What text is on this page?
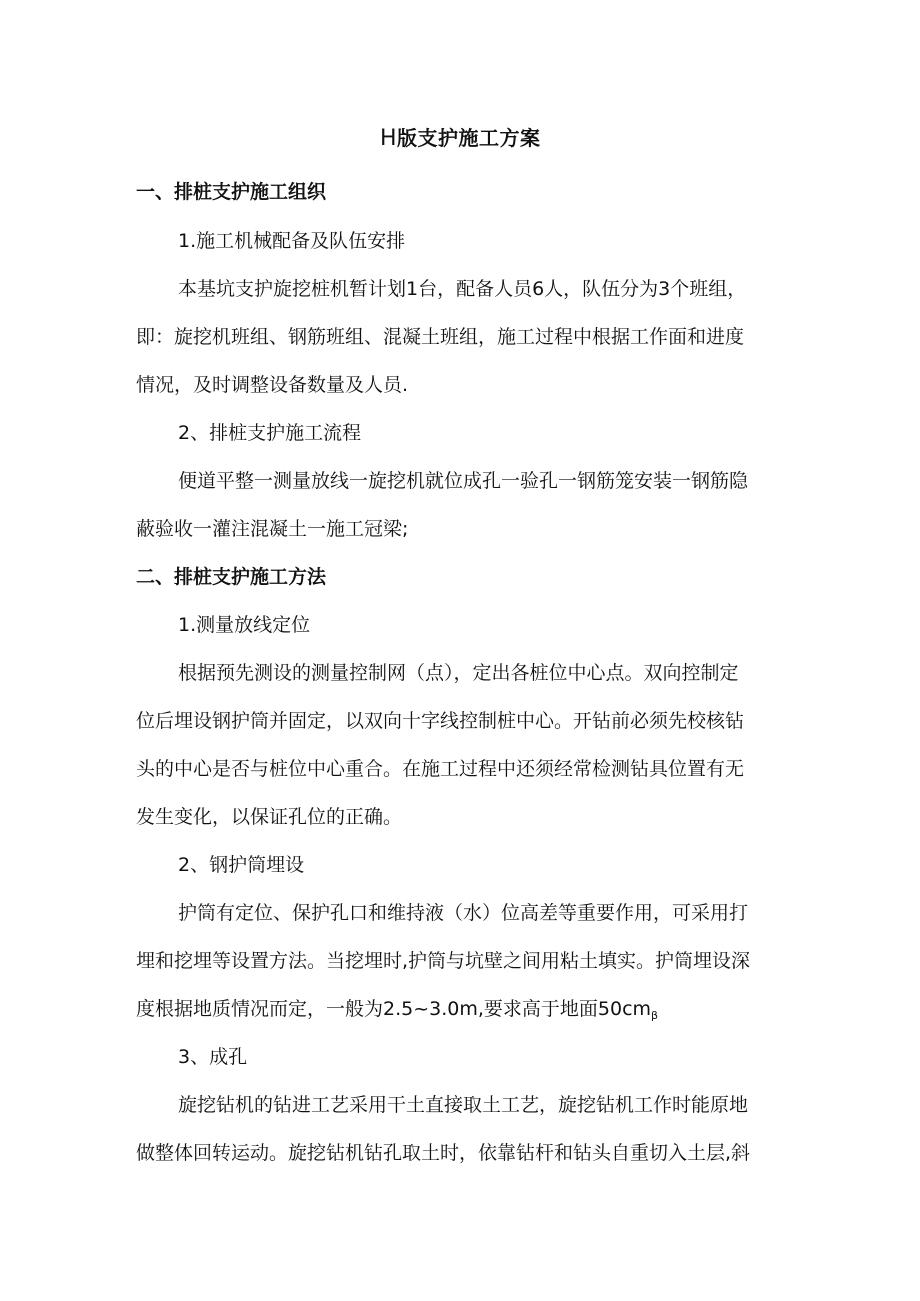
H版支护施工方案
一、排桩支护施工组织
1.施工机械配备及队伍安排
本基坑支护旋挖桩机暂计划1台，配备人员6人，队伍分为3个班组，
即：旋挖机班组、钢筋班组、混凝土班组，施工过程中根据工作面和进度
情况，及时调整设备数量及人员.
2、排桩支护施工流程
便道平整一测量放线一旋挖机就位成孔一验孔一钢筋笼安装一钢筋隐
蔽验收一灌注混凝土一施工冠梁;
二、排桩支护施工方法
1.测量放线定位
根据预先测设的测量控制网（点），定出各桩位中心点。双向控制定
位后埋设钢护筒并固定，以双向十字线控制桩中心。开钻前必须先校核钻
头的中心是否与桩位中心重合。在施工过程中还须经常检测钻具位置有无
发生变化，以保证孔位的正确。
2、钢护筒埋设
护筒有定位、保护孔口和维持液（水）位高差等重要作用，可采用打
埋和挖埋等设置方法。当挖埋时,护筒与坑壁之间用粘土填实。护筒埋设深
度根据地质情况而定，一般为2.5~3.0m,要求高于地面$50cm_\beta$
3、成孔
旋挖钻机的钻进工艺采用干土直接取土工艺，旋挖钻机工作时能原地
做整体回转运动。旋挖钻机钻孔取土时，依靠钻杆和钻头自重切入土层,斜
